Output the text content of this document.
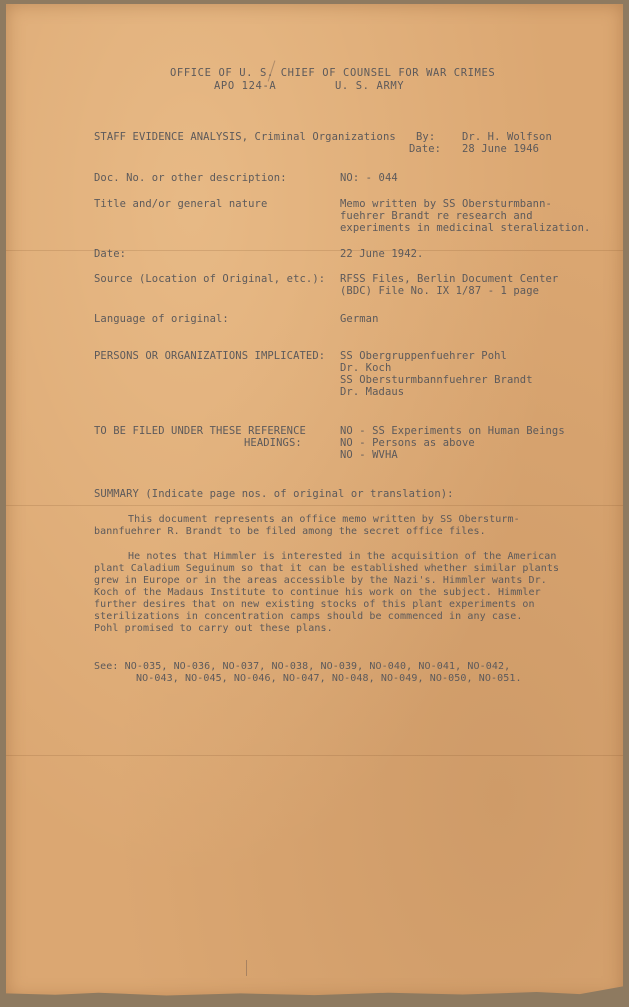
OFFICE OF U. S. CHIEF OF COUNSEL FOR WAR CRIMES
APO 124-A	U. S. ARMY
STAFF EVIDENCE ANALYSIS, Criminal Organizations By:	Dr. H. Wolfson
Date: 28 June 1946
Doc. No. or other description:	NO: - 044
Title and/or general nature	Memo written by SS Obersturmbann-
fuehrer Brandt re research and
experiments in medicinal steralization.
Date:	22 June 1942.
Source (Location of Original, etc.): RFSS Files, Berlin Document Center
(BDC) File No. IX 1/87 - 1 page
Language of original:	German
PERSONS OR ORGANIZATIONS IMPLICATED: SS Obergruppenfuehrer Pohl
Dr. Koch
SS Obersturmbannfuehrer Brandt
Dr. Madaus
TO BE FILED UNDER THESE REFERENCE
HEADINGS:
NO - SS Experiments on Human Beings
NO - Persons as above
NO - WVHA
SUMMARY (Indicate page nos. of original or translation):
This document represents an office memo written by SS Obersturm-
bannfuehrer R. Brandt to be filed among the secret office files.
He notes that Himmler is interested in the acquisition of the American
plant Caladium Seguinum so that it can be established whether similar plants
grew in Europe or in the areas accessible by the Nazi's. Himmler wants Dr.
Koch of the Madaus Institute to continue his work on the subject. Himmler
further desires that on new existing stocks of this plant experiments on
sterilizations in concentration camps should be commenced in any case.
Pohl promised to carry out these plans.
See: NO-035, NO-036, NO-037, NO-038, NO-039, NO-040, NO-041, NO-042,
NO-043, NO-045, NO-046, NO-047, NO-048, NO-049, NO-050, NO-051.
